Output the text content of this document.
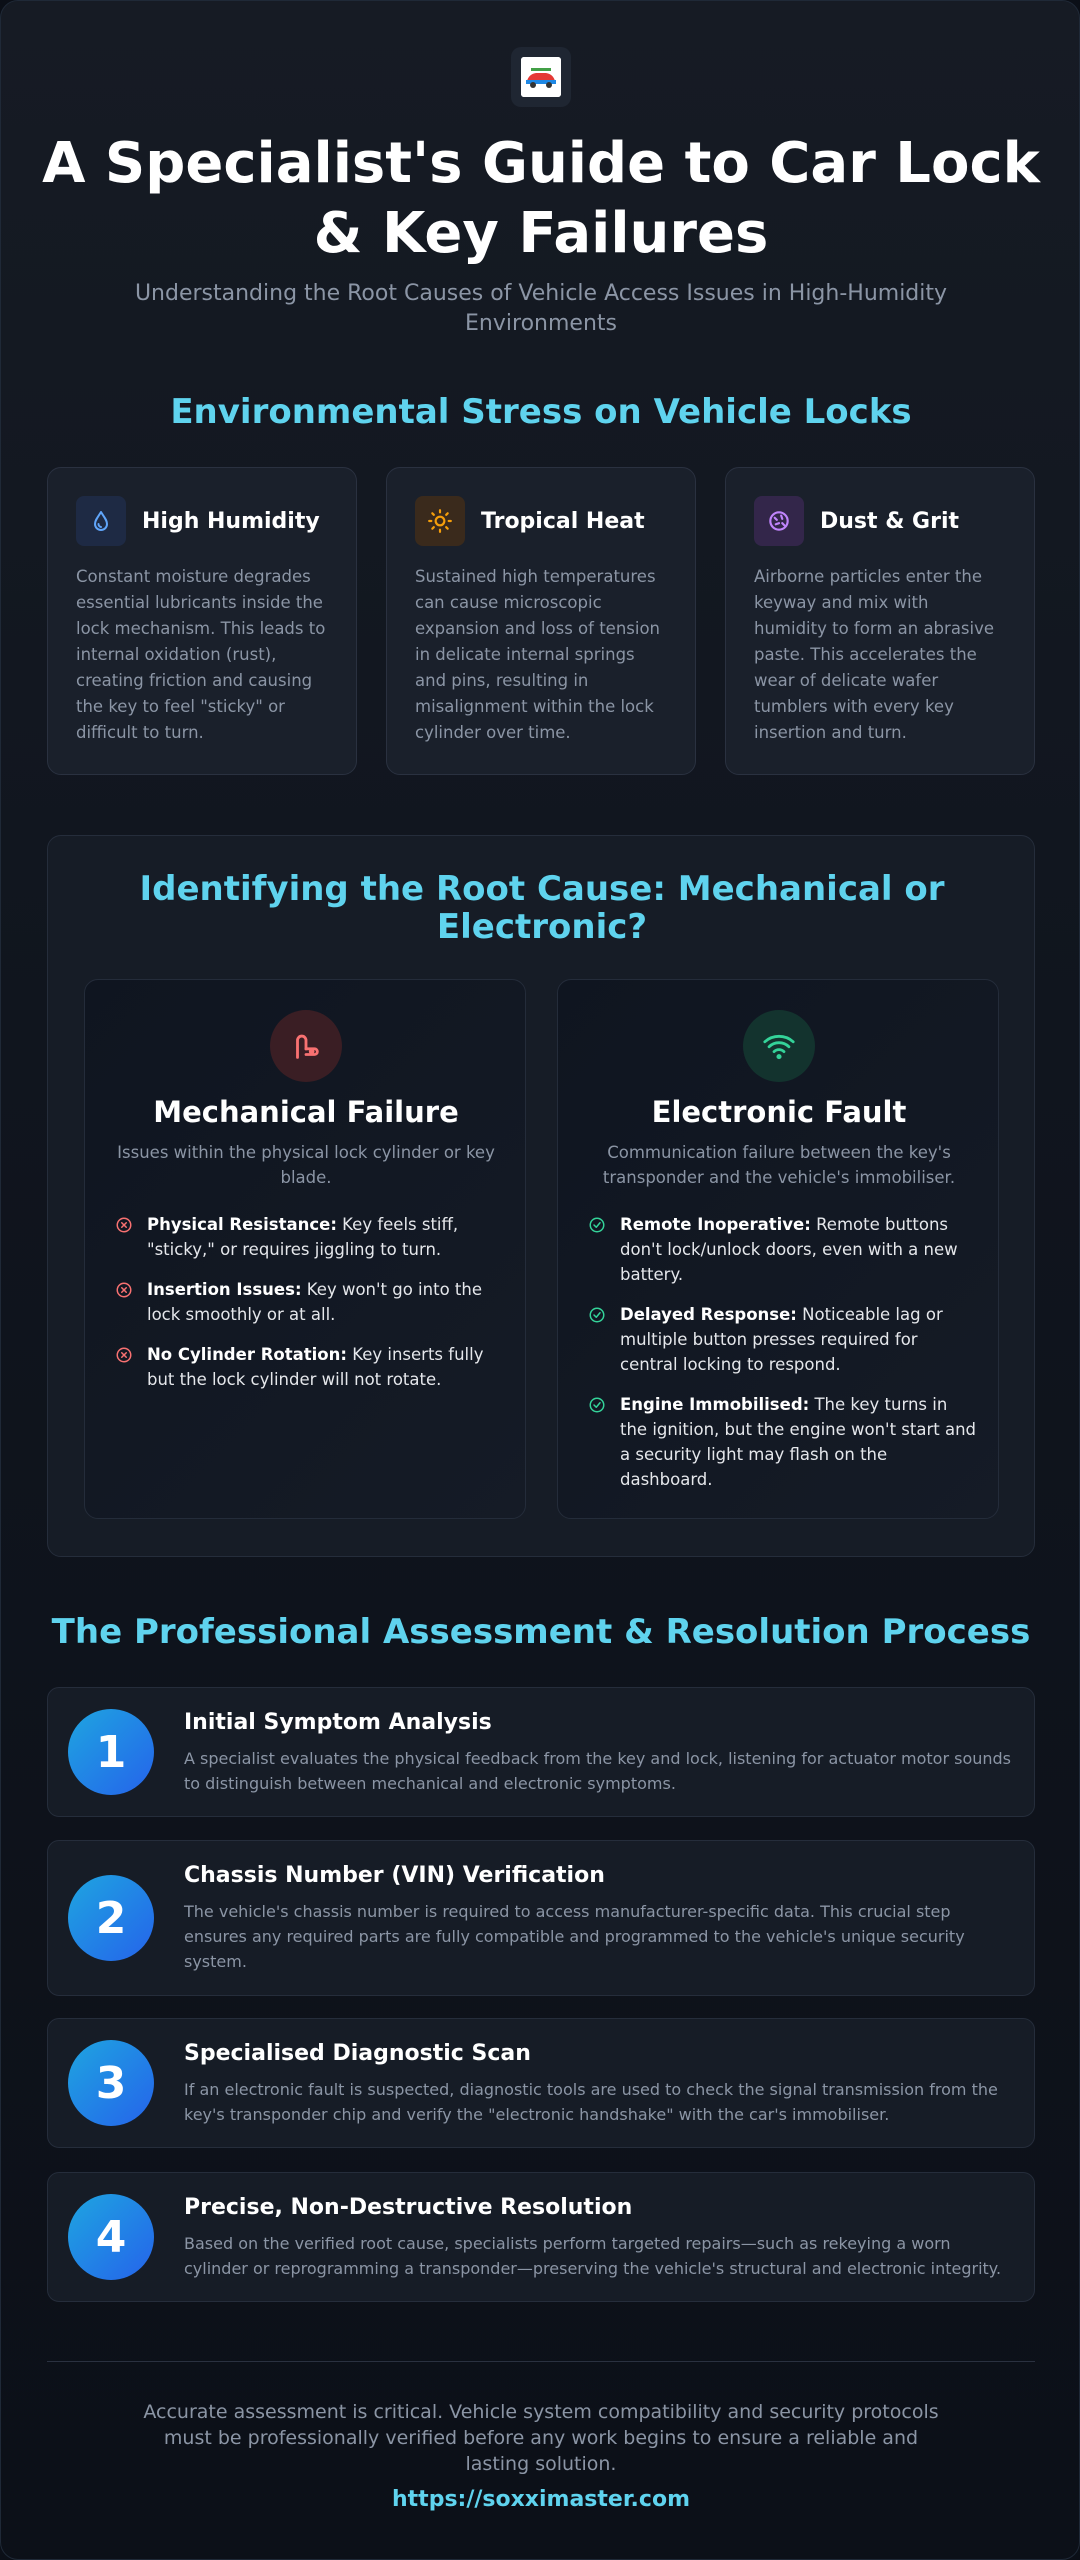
A Specialist's Guide to Car Lock & Key Failures

Understanding the Root Causes of Vehicle Access Issues in High-Humidity Environments

Environmental Stress on Vehicle Locks
High Humidity

Constant moisture degrades essential lubricants inside the lock mechanism. This leads to internal oxidation (rust), creating friction and causing the key to feel "sticky" or difficult to turn.

Tropical Heat

Sustained high temperatures can cause microscopic expansion and loss of tension in delicate internal springs and pins, resulting in misalignment within the lock cylinder over time.

Dust & Grit

Airborne particles enter the keyway and mix with humidity to form an abrasive paste. This accelerates the wear of delicate wafer tumblers with every key insertion and turn.

Identifying the Root Cause: Mechanical or Electronic?
Mechanical Failure
Issues within the physical lock cylinder or key blade.
Physical Resistance: Key feels stiff, "sticky," or requires jiggling to turn.
Insertion Issues: Key won't go into the lock smoothly or at all.
No Cylinder Rotation: Key inserts fully but the lock cylinder will not rotate.
Electronic Fault
Communication failure between the key's transponder and the vehicle's immobiliser.
Remote Inoperative: Remote buttons don't lock/unlock doors, even with a new battery.
Delayed Response: Noticeable lag or multiple button presses required for central locking to respond.
Engine Immobilised: The key turns in the ignition, but the engine won't start and a security light may flash on the dashboard.
The Professional Assessment & Resolution Process
1
Initial Symptom Analysis
A specialist evaluates the physical feedback from the key and lock, listening for actuator motor sounds to distinguish between mechanical and electronic symptoms.
2
Chassis Number (VIN) Verification
The vehicle's chassis number is required to access manufacturer-specific data. This crucial step ensures any required parts are fully compatible and programmed to the vehicle's unique security system.
3
Specialised Diagnostic Scan
If an electronic fault is suspected, diagnostic tools are used to check the signal transmission from the key's transponder chip and verify the "electronic handshake" with the car's immobiliser.
4
Precise, Non-Destructive Resolution
Based on the verified root cause, specialists perform targeted repairs—such as rekeying a worn cylinder or reprogramming a transponder—preserving the vehicle's structural and electronic integrity.

Accurate assessment is critical. Vehicle system compatibility and security protocols must be professionally verified before any work begins to ensure a reliable and lasting solution.

https://soxximaster.com
